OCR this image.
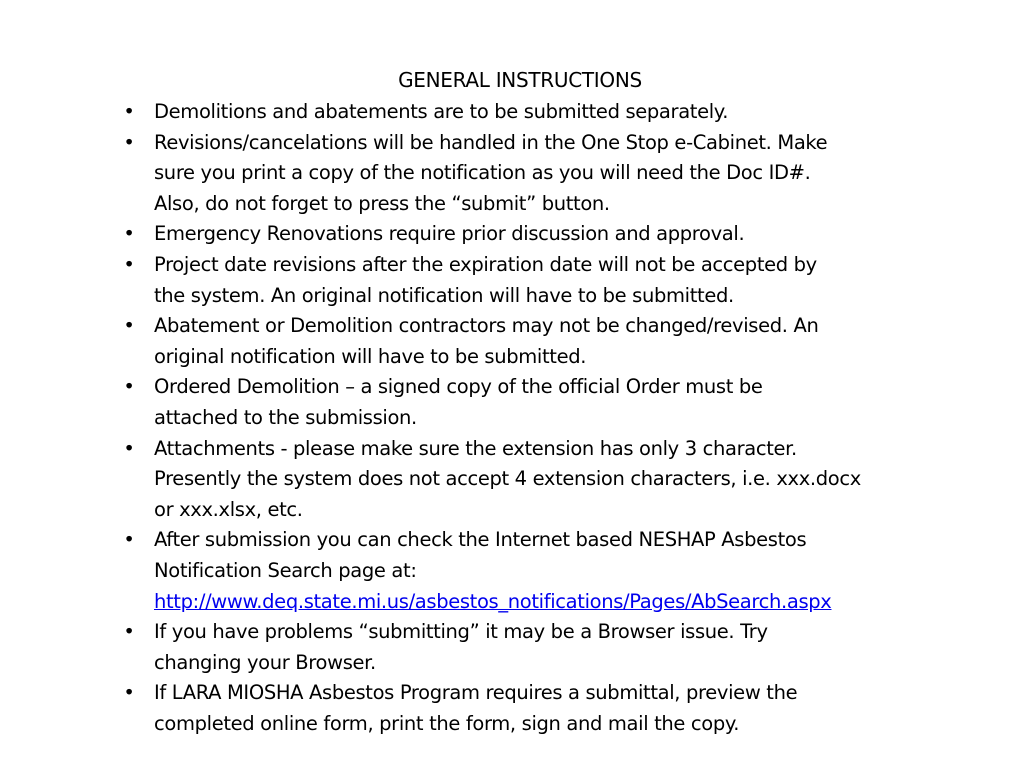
GENERAL INSTRUCTIONS
• Demolitions and abatements are to be submitted separately.
• Revisions/cancelations will be handled in the One Stop e-Cabinet. Make
sure you print a copy of the notification as you will need the Doc ID#.
Also, do not forget to press the “submit” button.
• Emergency Renovations require prior discussion and approval.
• Project date revisions after the expiration date will not be accepted by
the system. An original notification will have to be submitted.
• Abatement or Demolition contractors may not be changed/revised. An
original notification will have to be submitted.
• Ordered Demolition – a signed copy of the official Order must be
attached to the submission.
• Attachments - please make sure the extension has only 3 character.
Presently the system does not accept 4 extension characters, i.e. xxx.docx
or xxx.xlsx, etc.
• After submission you can check the Internet based NESHAP Asbestos
Notification Search page at:
http://www.deq.state.mi.us/asbestos_notifications/Pages/AbSearch.aspx
• If you have problems “submitting” it may be a Browser issue. Try
changing your Browser.
• If LARA MIOSHA Asbestos Program requires a submittal, preview the
completed online form, print the form, sign and mail the copy.
